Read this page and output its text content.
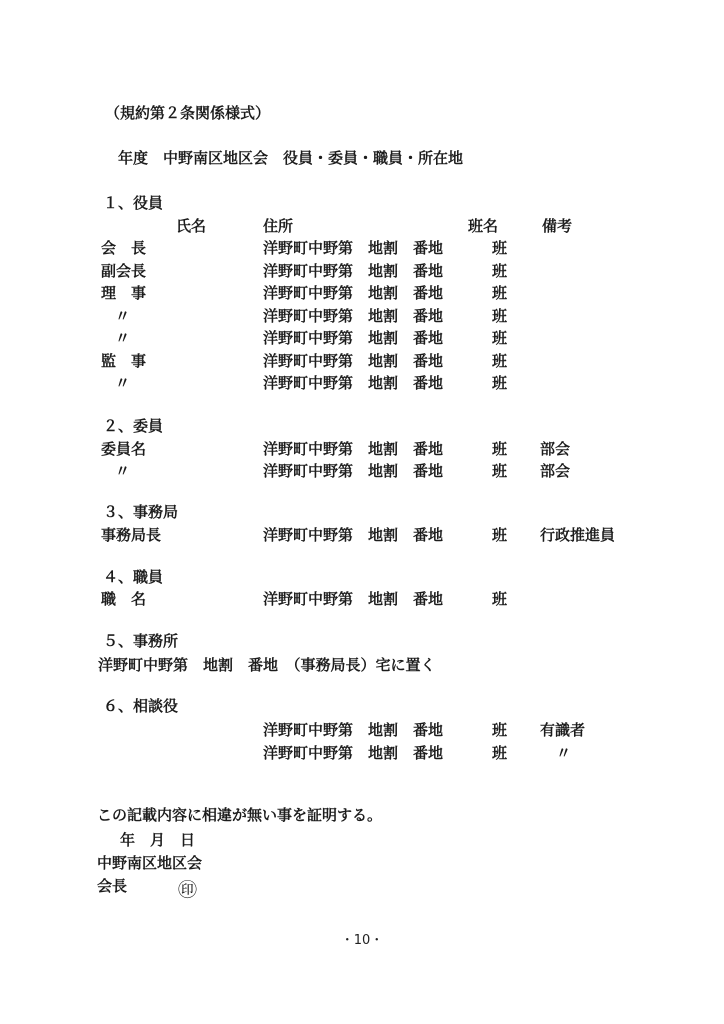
（規約第２条関係様式）
年度　中野南区地区会　役員・委員・職員・所在地
１、役員
氏名	住所	班名	備考
会　長	洋野町中野第　地割　番地	班
副会長	洋野町中野第　地割　番地	班
理　事	洋野町中野第　地割　番地	班
〃	洋野町中野第　地割　番地	班
〃	洋野町中野第　地割　番地	班
監　事	洋野町中野第　地割　番地	班
〃	洋野町中野第　地割　番地	班
２、委員
委員名	洋野町中野第　地割　番地	班 部会
〃	洋野町中野第　地割　番地	班 部会
３、事務局
事務局長	洋野町中野第　地割　番地	班 行政推進員
４、職員
職　名	洋野町中野第　地割　番地	班
５、事務所
洋野町中野第　地割　番地　（事務局長）宅に置く
６、相談役
洋野町中野第　地割　番地	班 有識者
洋野町中野第　地割　番地	班	〃
この記載内容に相違が無い事を証明する。
年　月　日
中野南区地区会
会長	㊞
・10・
